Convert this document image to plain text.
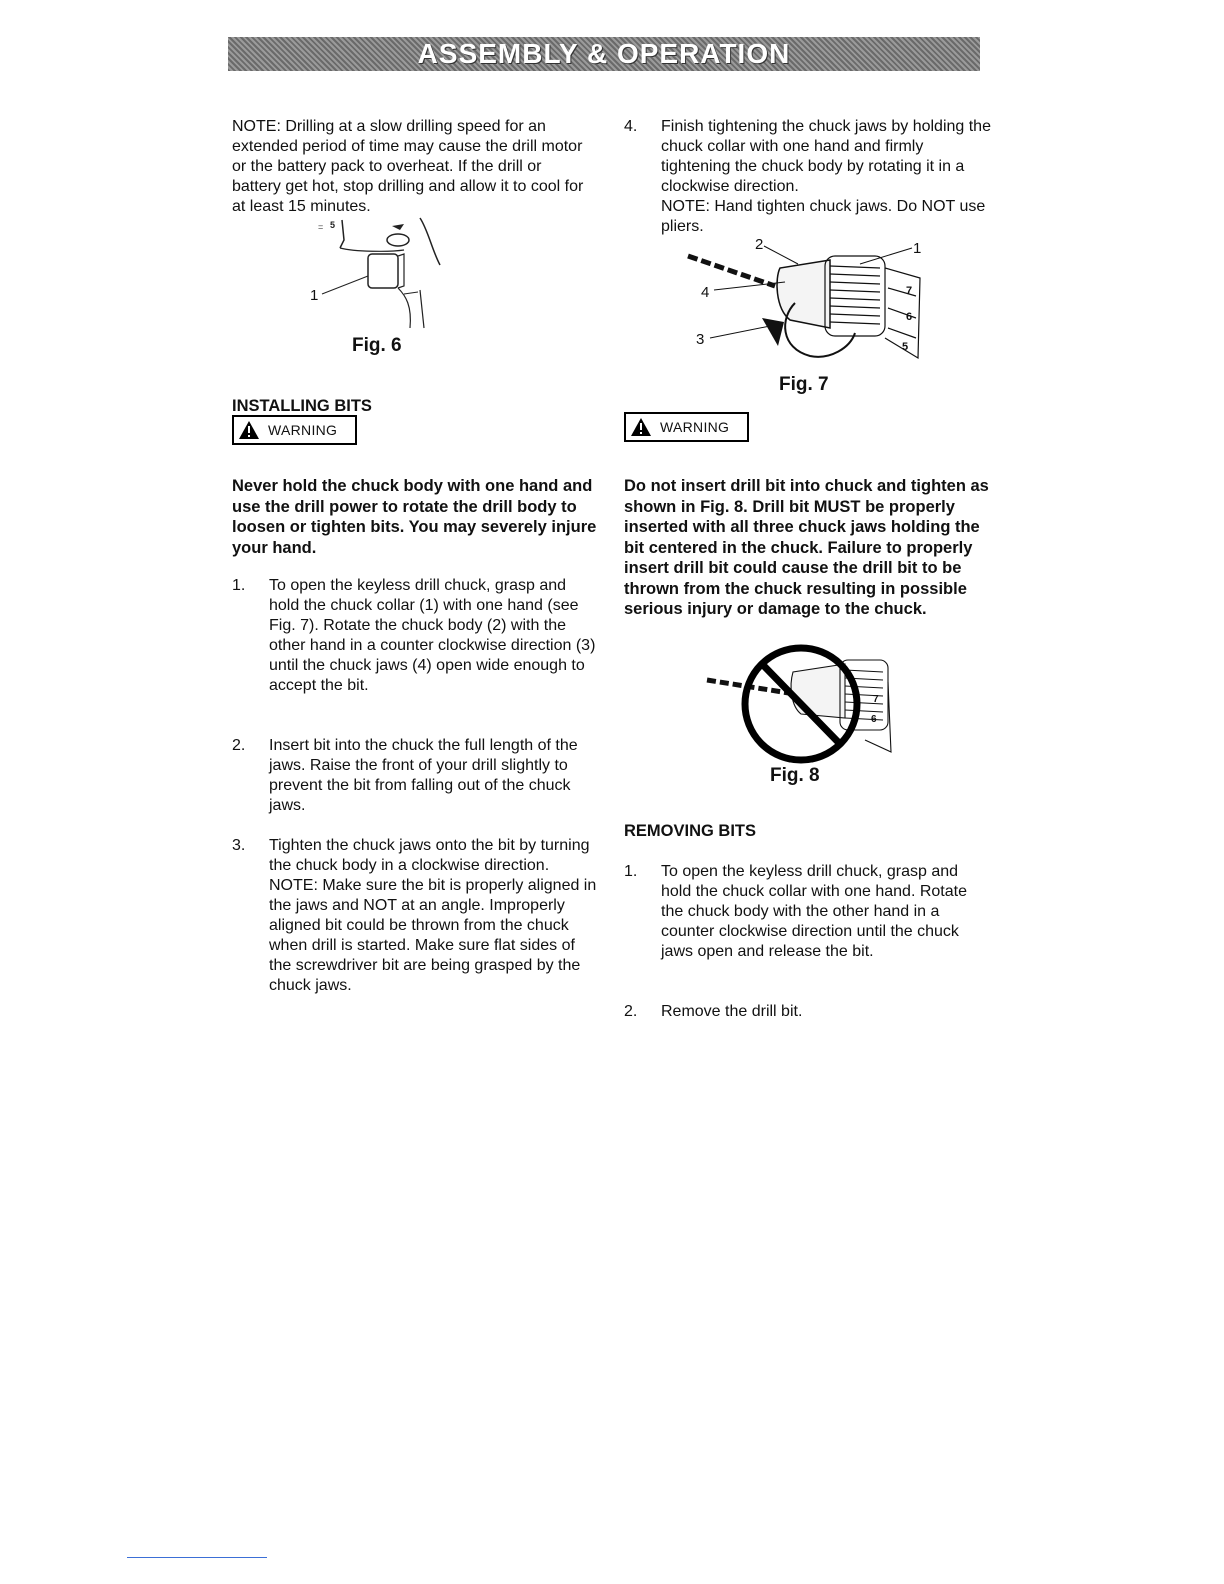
ASSEMBLY & OPERATION

NOTE: Drilling at a slow drilling speed for an extended period of time may cause the drill motor or the battery pack to overheat. If the drill or battery get hot, stop drilling and allow it to cool for at least 15 minutes.

= 5
1
Fig. 6
INSTALLING BITS
WARNING

Never hold the chuck body with one hand and use the drill power to rotate the drill body to loosen or tighten bits. You may severely injure your hand.

1. To open the keyless drill chuck, grasp and hold the chuck collar (1) with one hand (see Fig. 7). Rotate the chuck body (2) with the other hand in a counter clockwise direction (3) until the chuck jaws (4) open wide enough to accept the bit.
2. Insert bit into the chuck the full length of the jaws. Raise the front of your drill slightly to prevent the bit from falling out of the chuck jaws.
3. Tighten the chuck jaws onto the bit by turning the chuck body in a clockwise direction.
NOTE: Make sure the bit is properly aligned in the jaws and NOT at an angle. Improperly aligned bit could be thrown from the chuck when drill is started. Make sure flat sides of the screwdriver bit are being grasped by the chuck jaws.
4. Finish tightening the chuck jaws by holding the chuck collar with one hand and firmly tightening the chuck body by rotating it in a clockwise direction.
NOTE: Hand tighten chuck jaws. Do NOT use pliers.
7
6
5
2	1
4
3
Fig. 7
WARNING

Do not insert drill bit into chuck and tighten as shown in Fig. 8. Drill bit MUST be properly inserted with all three chuck jaws holding the bit centered in the chuck. Failure to properly insert drill bit could cause the drill bit to be thrown from the chuck resulting in possible serious injury or damage to the chuck.

7
6
Fig. 8
REMOVING BITS
1. To open the keyless drill chuck, grasp and hold the chuck collar with one hand. Rotate the chuck body with the other hand in a counter clockwise direction until the chuck jaws open and release the bit.
2. Remove the drill bit.
